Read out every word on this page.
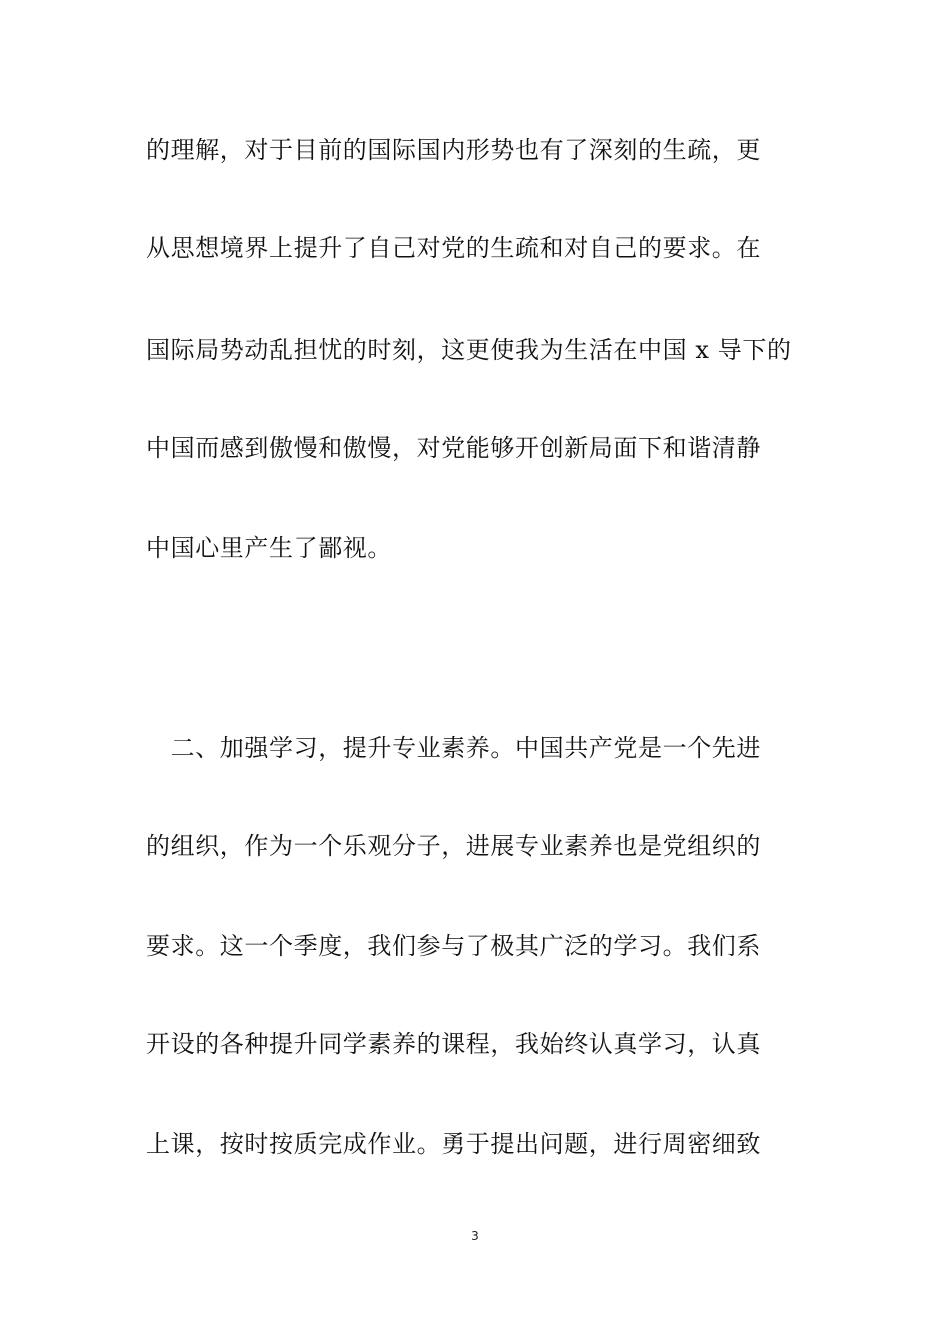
的理解，对于目前的国际国内形势也有了深刻的生疏，更
从思想境界上提升了自己对党的生疏和对自己的要求。在
国际局势动乱担忧的时刻，这更使我为生活在中国 x 导下的
中国而感到傲慢和傲慢，对党能够开创新局面下和谐清静
中国心里产生了鄙视。
　二、加强学习，提升专业素养。中国共产党是一个先进
的组织，作为一个乐观分子，进展专业素养也是党组织的
要求。这一个季度，我们参与了极其广泛的学习。我们系
开设的各种提升同学素养的课程，我始终认真学习，认真
上课，按时按质完成作业。勇于提出问题，进行周密细致
3
